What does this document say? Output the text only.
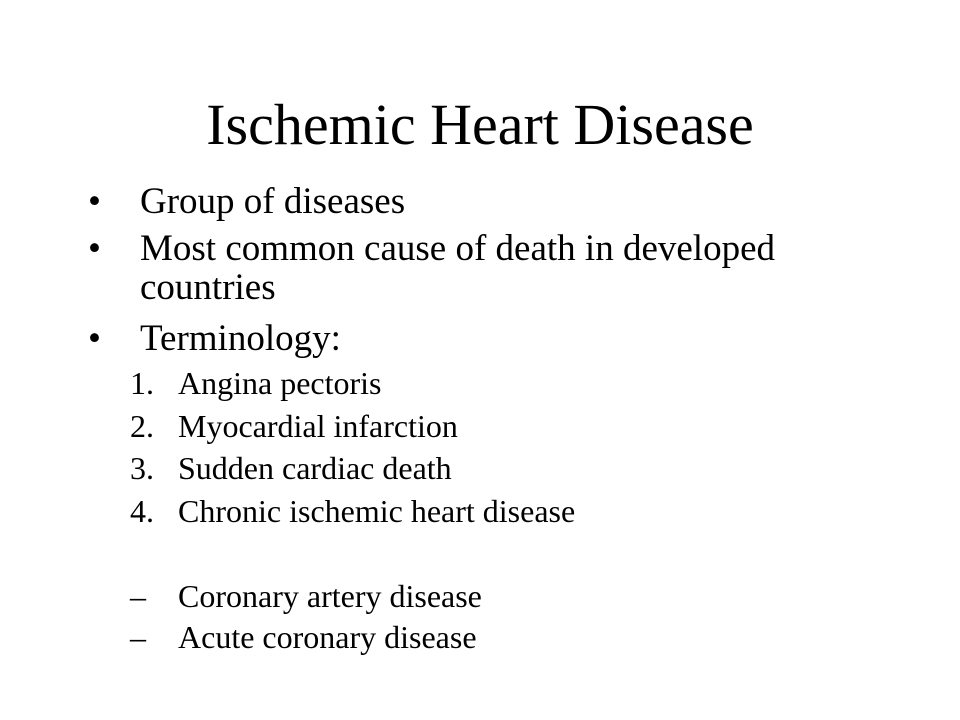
Ischemic Heart Disease
• Group of diseases
• Most common cause of death in developed countries
• Terminology:
1. Angina pectoris
2. Myocardial infarction
3. Sudden cardiac death
4. Chronic ischemic heart disease
– Coronary artery disease
– Acute coronary disease
